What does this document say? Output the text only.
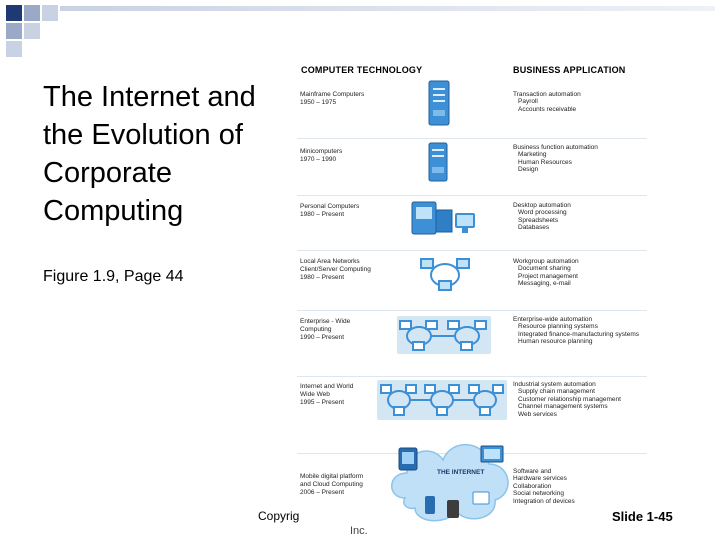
The Internet and the Evolution of Corporate Computing
Figure 1.9, Page 44
COMPUTER TECHNOLOGY	BUSINESS APPLICATION
Mainframe Computers
1950 – 1975
Minicomputers
1970 – 1990
Personal Computers
1980 – Present
Local Area Networks
Client/Server Computing
1980 – Present
Enterprise - Wide Computing
1990 – Present
Internet and World
Wide Web
1995 – Present
Mobile digital platform
and Cloud Computing
2006 – Present
Transaction automation
Payroll
Accounts receivable
Business function automation
Marketing
Human Resources
Design
Desktop automation
Word processing
Spreadsheets
Databases
Workgroup automation
Document sharing
Project management
Messaging, e-mail
Enterprise-wide automation
Resource planning systems
Integrated finance-manufacturing systems
Human resource planning
Industrial system automation
Supply chain management
Customer relationship management
Channel management systems
Web services
Software and
Hardware services
Collaboration
Social networking
Integration of devices
THE INTERNET
Copyrig
Inc.
Slide 1-45
